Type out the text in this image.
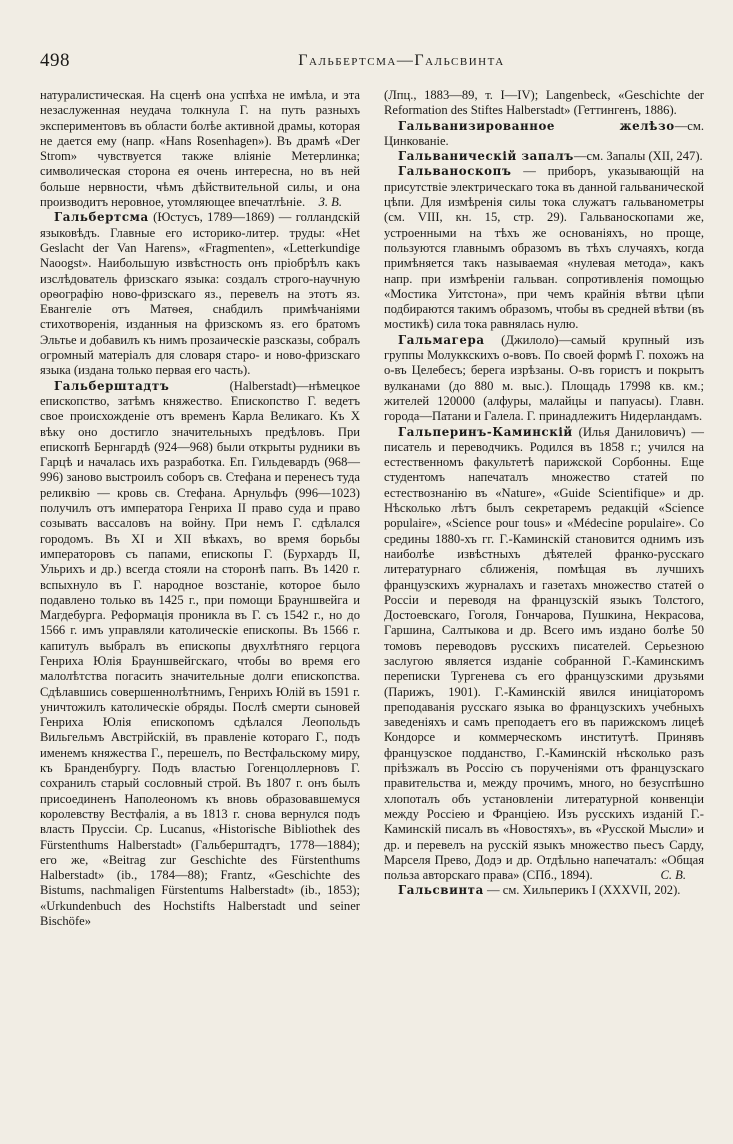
498	Гальбертсма—Гальсвинта

натуралистическая. На сценѣ она успѣха не имѣла, и эта незаслуженная неудача толкнула Г. на путь разныхъ экспериментовъ въ области болѣе активной драмы, которая не дается ему (напр. «Hans Rosenhagen»). Въ драмѣ «Der Strom» чувствуется также вліяніе Метерлинка; символическая сторона ея очень интересна, но въ ней больше нервности, чѣмъ дѣйствительной силы, и она производитъ неровное, утомляющее впечатлѣніе. З. В.

Гальбертсма (Юстусъ, 1789—1869) — голландскій языковѣдъ. Главные его историко-литер. труды: «Het Geslacht der Van Harens», «Fragmenten», «Letterkundige Naoogst». Наибольшую извѣстность онъ пріобрѣлъ какъ изслѣдователь фризскаго языка: создалъ строго-научную орѳографію ново-фризскаго яз., перевелъ на этотъ яз. Евангеліе отъ Матѳея, снабдилъ примѣчаніями стихотворенія, изданныя на фризскомъ яз. его братомъ Эльтье и добавилъ къ нимъ прозаическіе разсказы, собралъ огромный матеріалъ для словаря старо- и ново-фризскаго языка (издана только первая его часть).

Гальберштадтъ (Halberstadt)—нѣмецкое епископство, затѣмъ княжество. Епископство Г. ведетъ свое происхожденіе отъ временъ Карла Великаго. Къ X вѣку оно достигло значительныхъ предѣловъ. При епископѣ Бернгардѣ (924—968) были открыты рудники въ Гарцѣ и началась ихъ разработка. Еп. Гильдевардъ (968—996) заново выстроилъ соборъ св. Стефана и перенесъ туда реликвію — кровь св. Стефана. Арнульфъ (996—1023) получилъ отъ императора Генриха II право суда и право созывать вассаловъ на войну. При немъ Г. сдѣлался городомъ. Въ XI и XII вѣкахъ, во время борьбы императоровъ съ папами, епископы Г. (Бурхардъ II, Ульрихъ и др.) всегда стояли на сторонѣ папъ. Въ 1420 г. вспыхнуло въ Г. народное возстаніе, которое было подавлено только въ 1425 г., при помощи Брауншвейга и Магдебурга. Реформація проникла въ Г. съ 1542 г., но до 1566 г. имъ управляли католическіе епископы. Въ 1566 г. капитулъ выбралъ въ епископы двухлѣтняго герцога Генриха Юлія Брауншвейгскаго, чтобы во время его малолѣтства погасить значительные долги епископства. Сдѣлавшись совершеннолѣтнимъ, Генрихъ Юлій въ 1591 г. уничтожилъ католическіе обряды. Послѣ смерти сыновей Генриха Юлія епископомъ сдѣлался Леопольдъ Вильгельмъ Австрійскій, въ правленіе котораго Г., подъ именемъ княжества Г., перешелъ, по Вестфальскому миру, къ Бранденбургу. Подъ властью Гогенцоллерновъ Г. сохранилъ старый сословный строй. Въ 1807 г. онъ былъ присоединенъ Наполеономъ къ вновь образовавшемуся королевству Вестфалія, а въ 1813 г. снова вернулся подъ власть Пруссіи. Ср. Lucanus, «Historische Bibliothek des Fürstenthums Halberstadt» (Гальберштадтъ, 1778—1884); его же, «Beitrag zur Geschichte des Fürstenthums Halberstadt» (ib., 1784—88); Frantz, «Geschichte des Bistums, nachmaligen Fürstentums Halberstadt» (ib., 1853); «Urkundenbuch des Hochstifts Halberstadt und seiner Bischöfe»

(Лпц., 1883—89, т. I—IV); Langenbeck, «Geschichte der Reformation des Stiftes Halberstadt» (Геттингенъ, 1886).

Гальванизированное желѣзо—см. Цинкованіе.

Гальваническій запалъ—см. Запалы (XII, 247).

Гальваноскопъ — приборъ, указывающій на присутствіе электрическаго тока въ данной гальванической цѣпи. Для измѣренія силы тока служатъ гальванометры (см. VIII, кн. 15, стр. 29). Гальваноскопами же, устроенными на тѣхъ же основаніяхъ, но проще, пользуются главнымъ образомъ въ тѣхъ случаяхъ, когда примѣняется такъ называемая «нулевая метода», какъ напр. при измѣреніи гальван. сопротивленія помощью «Мостика Уитстона», при чемъ крайнія вѣтви цѣпи подбираются такимъ образомъ, чтобы въ средней вѣтви (въ мостикѣ) сила тока равнялась нулю.

Гальмагера (Джилоло)—самый крупный изъ группы Молуккскихъ о-вовъ. По своей формѣ Г. похожъ на о-въ Целебесъ; берега изрѣзаны. О-въ гористъ и покрытъ вулканами (до 880 м. выс.). Площадь 17998 кв. км.; жителей 120000 (алфуры, малайцы и папуасы). Главн. города—Патани и Галела. Г. принадлежитъ Нидерландамъ.

Гальперинъ-Каминскій (Илья Даниловичъ) — писатель и переводчикъ. Родился въ 1858 г.; учился на естественномъ факультетѣ парижской Сорбонны. Еще студентомъ напечаталъ множество статей по естествознанію въ «Nature», «Guide Scientifique» и др. Нѣсколько лѣтъ былъ секретаремъ редакцій «Science populaire», «Science pour tous» и «Médecine populaire». Со средины 1880-хъ гг. Г.-Каминскій становится однимъ изъ наиболѣе извѣстныхъ дѣятелей франко-русскаго литературнаго сближенія, помѣщая въ лучшихъ французскихъ журналахъ и газетахъ множество статей о Россіи и переводя на французскій языкъ Толстого, Достоевскаго, Гоголя, Гончарова, Пушкина, Некрасова, Гаршина, Салтыкова и др. Всего имъ издано болѣе 50 томовъ переводовъ русскихъ писателей. Серьезною заслугою является изданіе собранной Г.-Каминскимъ переписки Тургенева съ его французскими друзьями (Парижъ, 1901). Г.-Каминскій явился иниціаторомъ преподаванія русскаго языка во французскихъ учебныхъ заведеніяхъ и самъ преподаетъ его въ парижскомъ лицеѣ Кондорсе и коммерческомъ институтѣ. Принявъ французское подданство, Г.-Каминскій нѣсколько разъ пріѣзжалъ въ Россію съ порученіями отъ французскаго правительства и, между прочимъ, много, но безуспѣшно хлопоталъ объ установленіи литературной конвенціи между Россіею и Франціею. Изъ русскихъ изданій Г.-Каминскій писалъ въ «Новостяхъ», въ «Русской Мысли» и др. и перевелъ на русскій языкъ множество пьесъ Сарду, Марселя Прево, Додэ и др. Отдѣльно напечаталъ: «Общая польза авторскаго права» (СПб., 1894).	С. В.

Гальсвинта — см. Хильперикъ I (XXXVII, 202).
